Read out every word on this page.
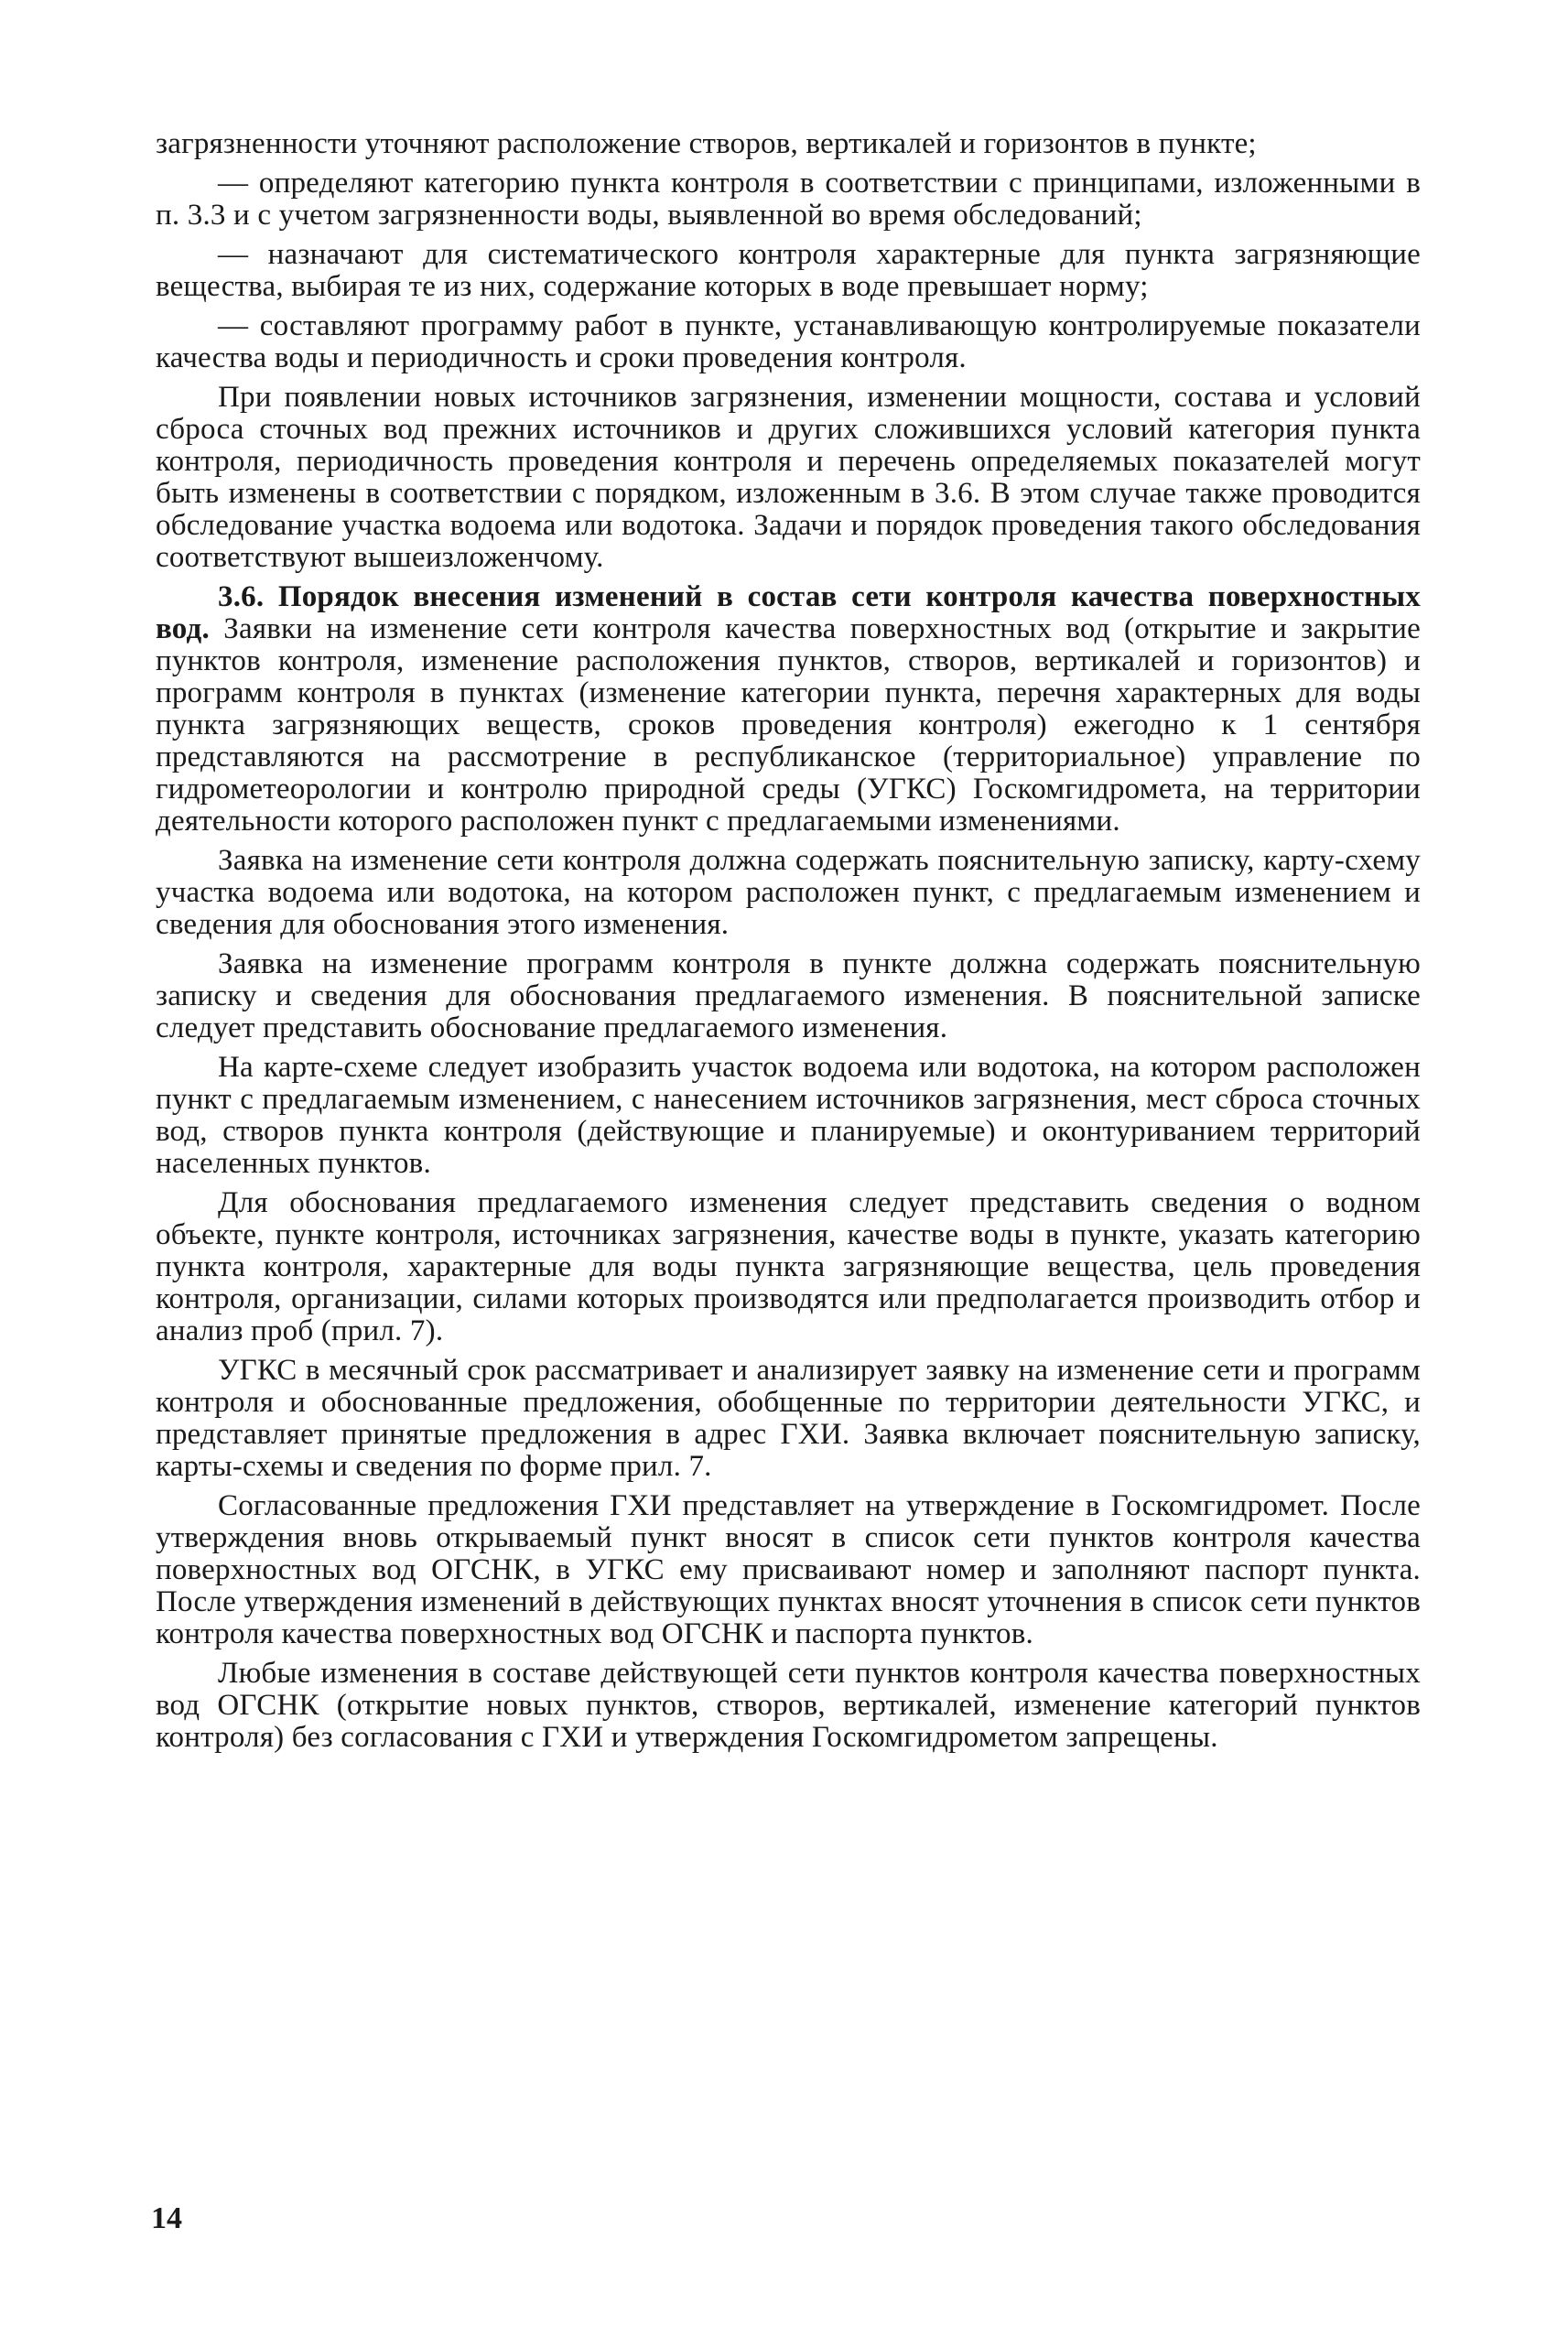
загрязненности уточняют расположение створов, вертикалей и горизонтов в пункте;

— определяют категорию пункта контроля в соответствии с принципами, изложенными в п. 3.3 и с учетом загрязненности воды, выявленной во время обследований;

— назначают для систематического контроля характерные для пункта загрязняющие вещества, выбирая те из них, содержание которых в воде превышает норму;

— составляют программу работ в пункте, устанавливающую контролируемые показатели качества воды и периодичность и сроки проведения контроля.

При появлении новых источников загрязнения, изменении мощности, состава и условий сброса сточных вод прежних источников и других сложившихся условий категория пункта контроля, периодичность проведения контроля и перечень определяемых показателей могут быть изменены в соответствии с порядком, изложенным в 3.6. В этом случае также проводится обследование участка водоема или водотока. Задачи и порядок проведения такого обследования соответствуют вышеизложенчому.

3.6. Порядок внесения изменений в состав сети контроля качества поверхностных вод. Заявки на изменение сети контроля качества поверхностных вод (открытие и закрытие пунктов контроля, изменение расположения пунктов, створов, вертикалей и горизонтов) и программ контроля в пунктах (изменение категории пункта, перечня характерных для воды пункта загрязняющих веществ, сроков проведения контроля) ежегодно к 1 сентября представляются на рассмотрение в республиканское (территориальное) управление по гидрометеорологии и контролю природной среды (УГКС) Госкомгидромета, на территории деятельности которого расположен пункт с предлагаемыми изменениями.

Заявка на изменение сети контроля должна содержать пояснительную записку, карту-схему участка водоема или водотока, на котором расположен пункт, с предлагаемым изменением и сведения для обоснования этого изменения.

Заявка на изменение программ контроля в пункте должна содержать пояснительную записку и сведения для обоснования предлагаемого изменения. В пояснительной записке следует представить обоснование предлагаемого изменения.

На карте-схеме следует изобразить участок водоема или водотока, на котором расположен пункт с предлагаемым изменением, с нанесением источников загрязнения, мест сброса сточных вод, створов пункта контроля (действующие и планируемые) и оконтуриванием территорий населенных пунктов.

Для обоснования предлагаемого изменения следует представить сведения о водном объекте, пункте контроля, источниках загрязнения, качестве воды в пункте, указать категорию пункта контроля, характерные для воды пункта загрязняющие вещества, цель проведения контроля, организации, силами которых производятся или предполагается производить отбор и анализ проб (прил. 7).

УГКС в месячный срок рассматривает и анализирует заявку на изменение сети и программ контроля и обоснованные предложения, обобщенные по территории деятельности УГКС, и представляет принятые предложения в адрес ГХИ. Заявка включает пояснительную записку, карты-схемы и сведения по форме прил. 7.

Согласованные предложения ГХИ представляет на утверждение в Госкомгидромет. После утверждения вновь открываемый пункт вносят в список сети пунктов контроля качества поверхностных вод ОГСНК, в УГКС ему присваивают номер и заполняют паспорт пункта. После утверждения изменений в действующих пунктах вносят уточнения в список сети пунктов контроля качества поверхностных вод ОГСНК и паспорта пунктов.

Любые изменения в составе действующей сети пунктов контроля качества поверхностных вод ОГСНК (открытие новых пунктов, створов, вертикалей, изменение категорий пунктов контроля) без согласования с ГХИ и утверждения Госкомгидрометом запрещены.

14
